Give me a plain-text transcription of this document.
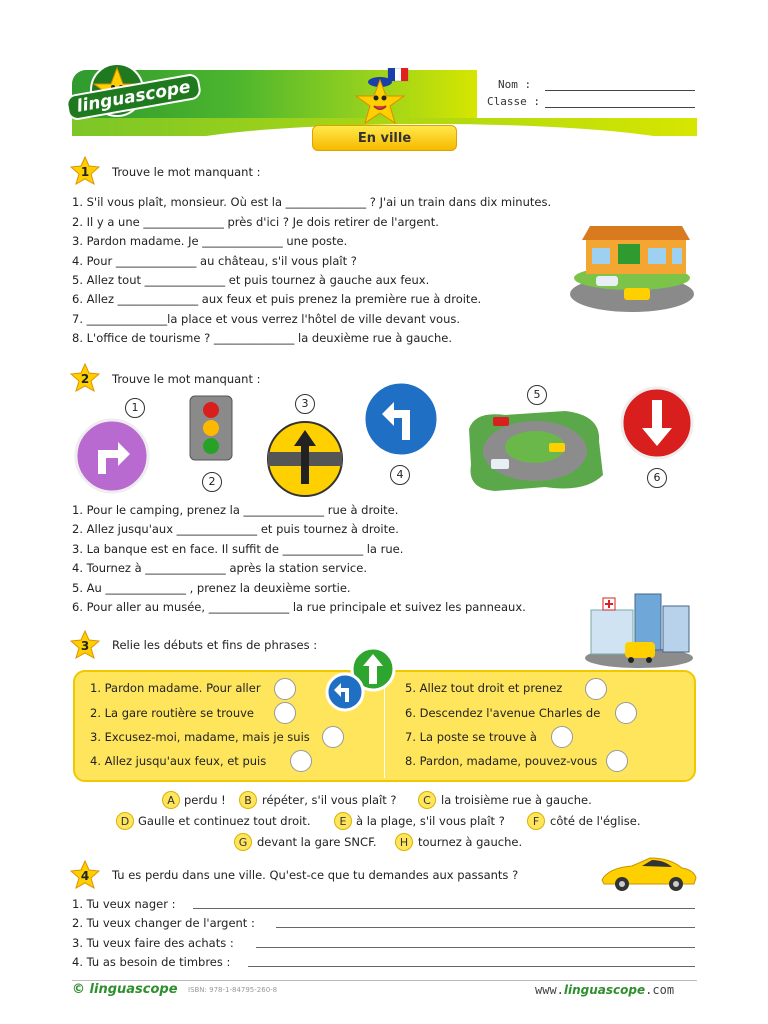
linguascope	Nom :
Classe :
En ville
1 Trouve le mot manquant :
1. S'il vous plaît, monsieur. Où est la ______________ ? J'ai un train dans dix minutes.
2. Il y a une ______________ près d'ici ? Je dois retirer de l'argent.
3. Pardon madame. Je ______________ une poste.
4. Pour ______________ au château, s'il vous plaît ?
5. Allez tout ______________ et puis tournez à gauche aux feux.
6. Allez ______________ aux feux et puis prenez la première rue à droite.
7. ______________la place et vous verrez l'hôtel de ville devant vous.
8. L'office de tourisme ? ______________ la deuxième rue à gauche.
2 Trouve le mot manquant :
1
2
3
4
5
6
1. Pour le camping, prenez la ______________ rue à droite.
2. Allez jusqu'aux ______________ et puis tournez à droite.
3. La banque est en face. Il suffit de ______________ la rue.
4. Tournez à ______________ après la station service.
5. Au ______________ , prenez la deuxième sortie.
6. Pour aller au musée, ______________ la rue principale et suivez les panneaux.
3 Relie les débuts et fins de phrases :
1. Pardon madame. Pour aller
2. La gare routière se trouve
3. Excusez-moi, madame, mais je suis
4. Allez jusqu'aux feux, et puis
5. Allez tout droit et prenez
6. Descendez l'avenue Charles de
7. La poste se trouve à
8. Pardon, madame, pouvez-vous
A perdu !	B répéter, s'il vous plaît ?	C la troisième rue à gauche.
D Gaulle et continuez tout droit.	E à la plage, s'il vous plaît ?	F côté de l'église.
G devant la gare SNCF.	H tournez à gauche.
4 Tu es perdu dans une ville. Qu'est-ce que tu demandes aux passants ?
1. Tu veux nager :
2. Tu veux changer de l'argent :
3. Tu veux faire des achats :
4. Tu as besoin de timbres :
© linguascope ISBN: 978-1-84795-260-8	www.linguascope.com
